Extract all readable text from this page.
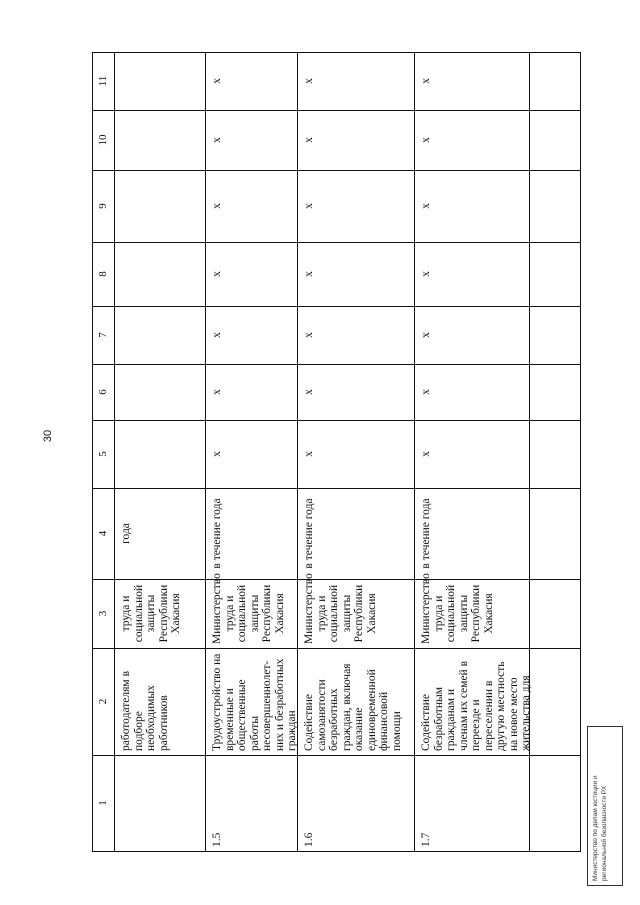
30
Министерство по делам юстиции и региональной безопасности РХ
1
2
3
4
5
6
7
8
9
10
11
работодателям в подборе необходимых работников
труда и социальной защиты Республики Хакасия
года
1.5
Трудоустройство на временные и общественные работы несовершеннолет-них и безработных граждан
Министерство труда и социальной защиты Республики Хакасия
в течение года
x
x
x
x
x
x
x
1.6
Содействие самозанятости безработных граждан, включая оказание единовременной финансовой помощи
Министерство труда и социальной защиты Республики Хакасия
в течение года
x
x
x
x
x
x
x
1.7
Содействие безработным гражданам и членам их семей в переезде и переселении в другую местность на новое место жительства для
Министерство труда и социальной защиты Республики Хакасия
в течение года
x
x
x
x
x
x
x
